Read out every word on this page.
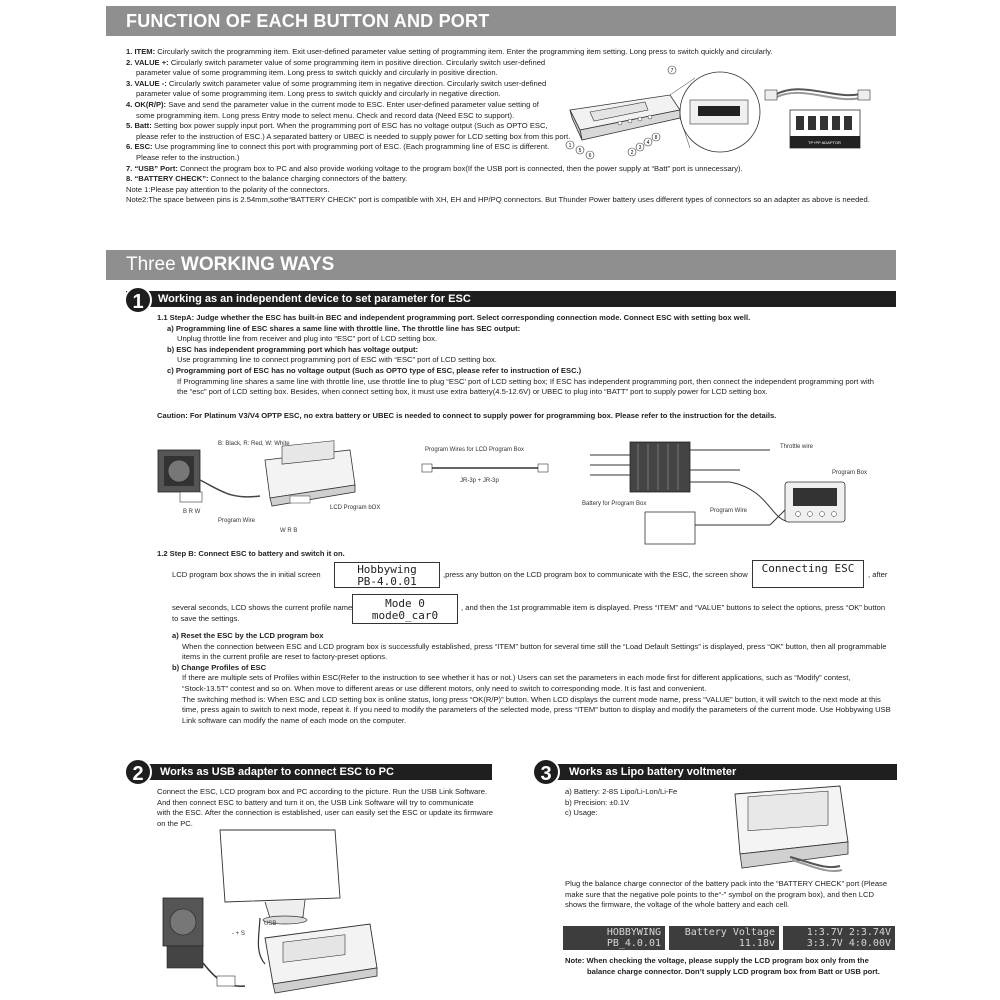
FUNCTION OF EACH BUTTON AND PORT
1. ITEM: Circularly switch the programming item. Exit user-defined parameter value setting of programming item. Enter the programming item setting. Long press to switch quickly and circularly.
2. VALUE +: Circularly switch parameter value of some programming item in positive direction. Circularly switch user-defined
parameter value of some programming item. Long press to switch quickly and circularly in positive direction.
3. VALUE -: Circularly switch parameter value of some programming item in negative direction. Circularly switch user-defined
parameter value of some programming item. Long press to switch quickly and circularly in negative direction.
4. OK(R/P): Save and send the parameter value in the current mode to ESC. Enter user-defined parameter value setting of
some programming item. Long press Entry mode to select menu. Check and record data (Need ESC to support).
5. Batt: Setting box power supply input port. When the programming port of ESC has no voltage output (Such as OPTO ESC,
please refer to the instruction of ESC.) A separated battery or UBEC is needed to supply power for LCD setting box from this port.
6. ESC: Use programming line to connect this port with programming port of ESC. (Each programming line of ESC is different.
Please refer to the instruction.)
7. “USB” Port: Connect the program box to PC and also provide working voltage to the program box(If the USB port is connected, then the power supply at “Batt” port is unnecessary).
8. “BATTERY CHECK”: Connect to the balance charging connectors of the battery.
Note 1:Please pay attention to the polarity of the connectors.
Note2:The space between pins is 2.54mm,sothe“BATTERY CHECK” port is compatible with XH, EH and HP/PQ connectors. But Thunder Power battery uses different types of connectors so an adapter as above is needed.
7
1
5
6	2
3
4
8
TP+PP ADAPTOR
Three WORKING WAYS
Working as an independent device to set parameter for ESC
1
1.1 StepA: Judge whether the ESC has built-in BEC and independent programming port. Select corresponding connection mode. Connect ESC with setting box well.
a) Programming line of ESC shares a same line with throttle line. The throttle line has SEC output:
Unplug throttle line from receiver and plug into “ESC” port of LCD setting box.
b) ESC has independent programming port which has voltage output:
Use programming line to connect programming port of ESC with “ESC” port of LCD setting box.
c) Programming port of ESC has no voltage output (Such as OPTO type of ESC, please refer to instruction of ESC.)
If Programming line shares a same line with throttle line, use throttle line to plug “ESC’ port of LCD setting box; If ESC has independent programming port, then connect the independent programming port with
the “esc” port of LCD setting box. Besides, when connect setting box, it must use extra battery(4.5-12.6V) or UBEC to plug into “BATT” port to supply power for LCD setting box.
Caution: For Platinum V3/V4 OPTP ESC, no extra battery or UBEC is needed to connect to supply power for programming box. Please refer to the instruction for the details.
B: Black, R: Red, W: White
B R W
W R B
Program Wire
LCD Program bOX
Program Wires for LCD Program Box
JR-3p + JR-3p
Throttle wire
Program Box
Battery for Program Box
Program Wire
1.2 Step B: Connect ESC to battery and switch it on.
LCD program box shows the in initial screen	Hobbywing
PB-4.0.01
,press any button on the LCD program box to communicate with the ESC, the screen show	Connecting ESC	, after
several seconds, LCD shows the current profile name	Mode 0
mode0_car0
, and then the 1st programmable item is displayed. Press “ITEM” and “VALUE” buttons to select the options, press “OK” button
to save the settings.
a) Reset the ESC by the LCD program box
When the connection between ESC and LCD program box is successfully established, press “ITEM” button for several time still the “Load Default Settings” is displayed, press “OK” button, then all programmable
items in the current profile are reset to factory-preset options.
b) Change Profiles of ESC
If there are multiple sets of Profiles within ESC(Refer to the instruction to see whether it has or not.) Users can set the parameters in each mode first for different applications, such as “Modify” contest,
“Stock-13.5T” contest and so on. When move to different areas or use different motors, only need to switch to corresponding mode. It is fast and convenient.
The switching method is: When ESC and LCD setting box is online status, long press “OK(R/P)” button. When LCD displays the current mode name, press “VALUE” button, it will switch to the next mode at this
time, press again to switch to next mode, repeat it. If you need to modify the parameters of the selected mode, press “ITEM” button to display and modify the parameters of the current mode. Use Hobbywing USB
Link software can modify the name of each mode on the computer.
Works as USB adapter to connect ESC to PC
2
Connect the ESC, LCD program box and PC according to the picture. Run the USB Link Software.
And then connect ESC to battery and turn it on, the USB Link Software will try to communicate
with the ESC. After the connection is established, user can easily set the ESC or update its firmware
on the PC.
USB
- + S
Works as Lipo battery voltmeter
3
a) Battery: 2-8S Lipo/Li-Lon/Li-Fe
b) Precision: ±0.1V
c) Usage:
Plug the balance charge connector of the battery pack into the “BATTERY CHECK” port (Please
make sure that the negative pole points to the“-” symbol on the program box), and then LCD
shows the firmware, the voltage of the whole battery and each cell.
HOBBYWING
PB_4.0.01
Battery Voltage
11.18v
1:3.7V 2:3.74V
3:3.7V 4:0.00V
Note: When checking the voltage, please supply the LCD program box only from the
balance charge connector. Don’t supply LCD program box from Batt or USB port.
